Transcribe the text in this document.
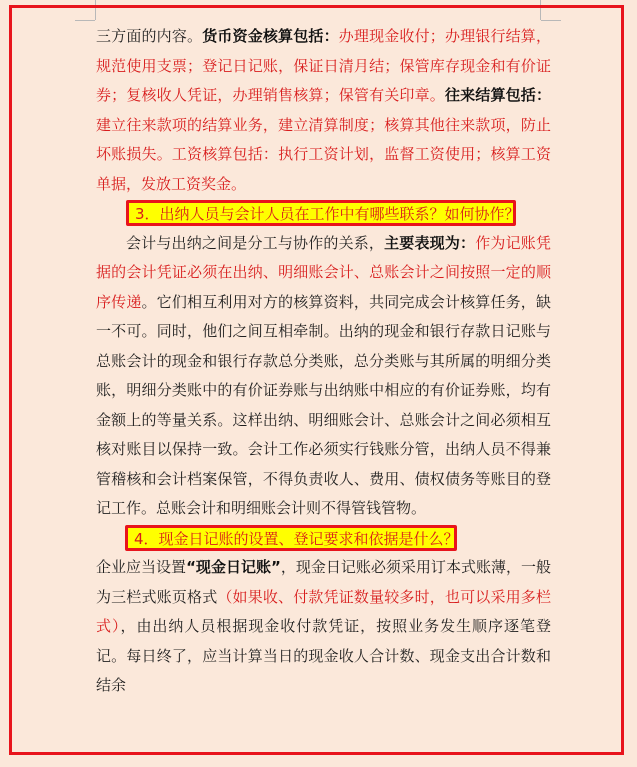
三方面的内容。货币资金核算包括：办理现金收付；办理银行结算，规范使用支票；登记日记账，保证日清月结；保管库存现金和有价证券；复核收人凭证，办理销售核算；保管有关印章。往来结算包括：建立往来款项的结算业务，建立清算制度；核算其他往来款项，防止坏账损失。工资核算包括：执行工资计划，监督工资使用；核算工资单据，发放工资奖金。

3．出纳人员与会计人员在工作中有哪些联系？如何协作？

会计与出纳之间是分工与协作的关系，主要表现为：作为记账凭据的会计凭证必须在出纳、明细账会计、总账会计之间按照一定的顺序传递。它们相互利用对方的核算资料，共同完成会计核算任务，缺一不可。同时，他们之间互相牵制。出纳的现金和银行存款日记账与总账会计的现金和银行存款总分类账，总分类账与其所属的明细分类账，明细分类账中的有价证券账与出纳账中相应的有价证券账，均有金额上的等量关系。这样出纳、明细账会计、总账会计之间必须相互核对账目以保持一致。会计工作必须实行钱账分管，出纳人员不得兼管稽核和会计档案保管，不得负责收人、费用、债权债务等账目的登记工作。总账会计和明细账会计则不得管钱管物。

4．现金日记账的设置、登记要求和依据是什么？

企业应当设置“现金日记账”，现金日记账必须采用订本式账薄，一般为三栏式账页格式（如果收、付款凭证数量较多时，也可以采用多栏式），由出纳人员根据现金收付款凭证，按照业务发生顺序逐笔登记。每日终了，应当计算当日的现金收人合计数、现金支出合计数和结余
